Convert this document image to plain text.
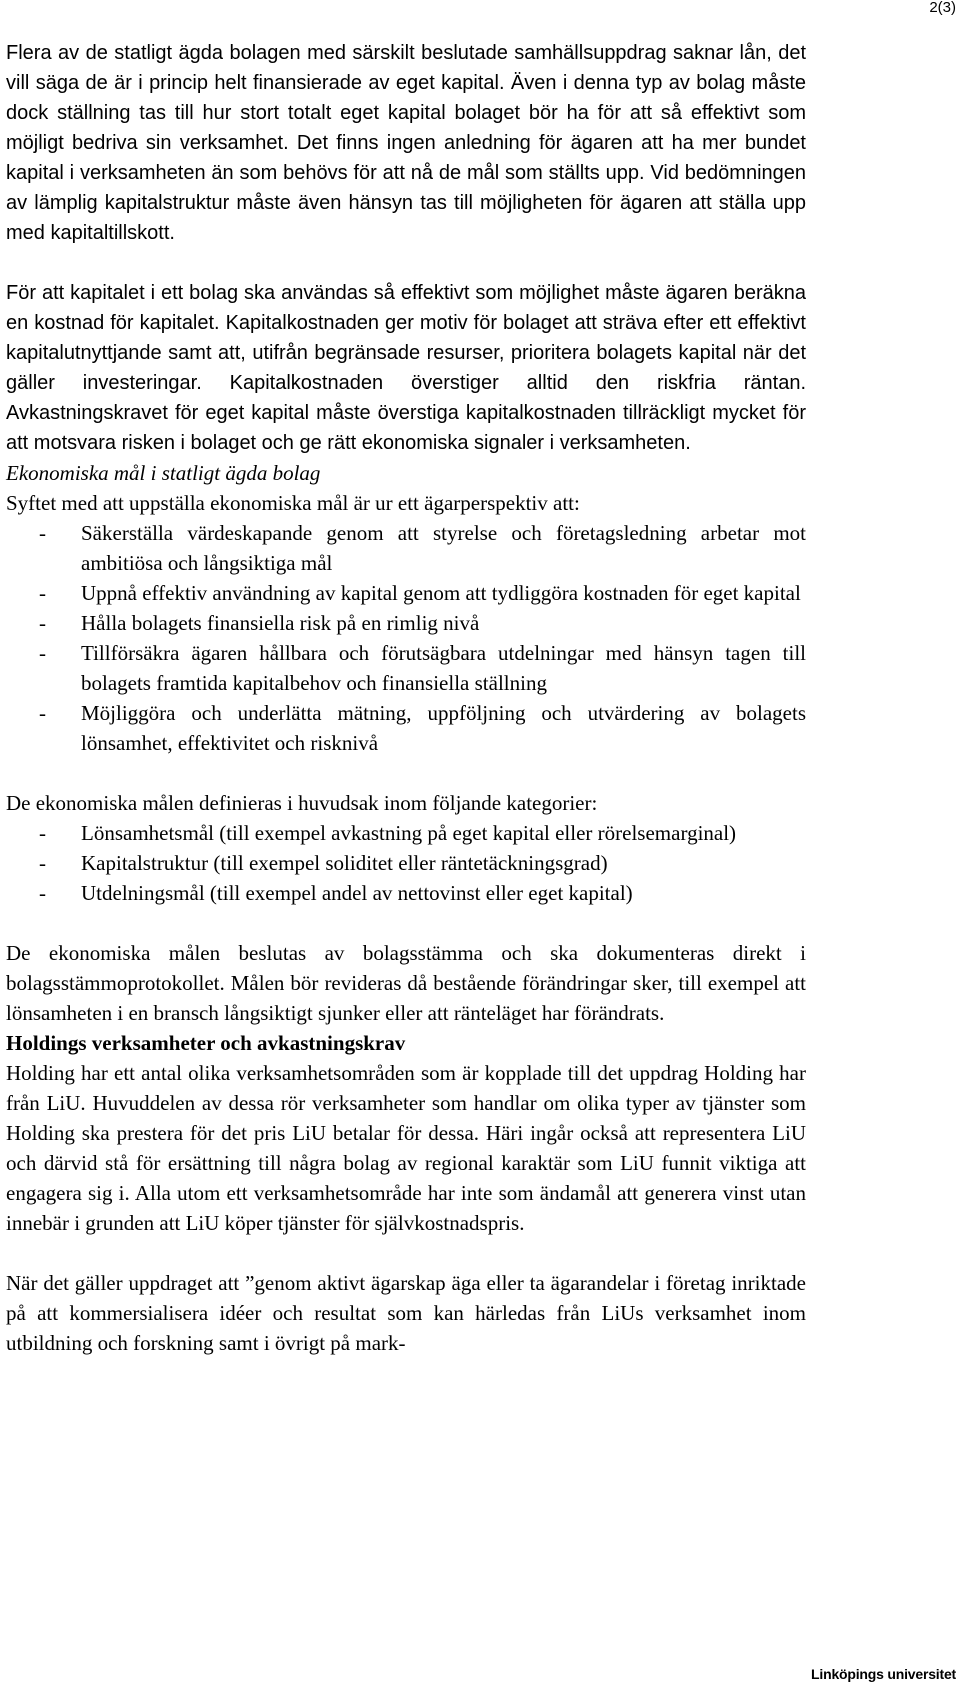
2(3)

Flera av de statligt ägda bolagen med särskilt beslutade samhällsuppdrag saknar lån, det vill säga de är i princip helt finansierade av eget kapital. Även i denna typ av bolag måste dock ställning tas till hur stort totalt eget kapital bolaget bör ha för att så effektivt som möjligt bedriva sin verksamhet. Det finns ingen anledning för ägaren att ha mer bundet kapital i verksamheten än som behövs för att nå de mål som ställts upp. Vid bedömningen av lämplig kapitalstruktur måste även hänsyn tas till möjligheten för ägaren att ställa upp med kapitaltillskott.

För att kapitalet i ett bolag ska användas så effektivt som möjlighet måste ägaren beräkna en kostnad för kapitalet. Kapitalkostnaden ger motiv för bolaget att sträva efter ett effektivt kapitalutnyttjande samt att, utifrån begränsade resurser, prioritera bolagets kapital när det gäller investeringar. Kapitalkostnaden överstiger alltid den riskfria räntan. Avkastningskravet för eget kapital måste överstiga kapitalkostnaden tillräckligt mycket för att motsvara risken i bolaget och ge rätt ekonomiska signaler i verksamheten.

Ekonomiska mål i statligt ägda bolag

Syftet med att uppställa ekonomiska mål är ur ett ägarperspektiv att:

- Säkerställa värdeskapande genom att styrelse och företagsledning arbetar mot ambitiösa och långsiktiga mål
- Uppnå effektiv användning av kapital genom att tydliggöra kostnaden för eget kapital
- Hålla bolagets finansiella risk på en rimlig nivå
- Tillförsäkra ägaren hållbara och förutsägbara utdelningar med hänsyn tagen till bolagets framtida kapitalbehov och finansiella ställning
- Möjliggöra och underlätta mätning, uppföljning och utvärdering av bolagets lönsamhet, effektivitet och risknivå

De ekonomiska målen definieras i huvudsak inom följande kategorier:

- Lönsamhetsmål (till exempel avkastning på eget kapital eller rörelsemarginal)
- Kapitalstruktur (till exempel soliditet eller räntetäckningsgrad)
- Utdelningsmål (till exempel andel av nettovinst eller eget kapital)

De ekonomiska målen beslutas av bolagsstämma och ska dokumenteras direkt i bolagsstämmoprotokollet. Målen bör revideras då bestående förändringar sker, till exempel att lönsamheten i en bransch långsiktigt sjunker eller att ränteläget har förändrats.

Holdings verksamheter och avkastningskrav

Holding har ett antal olika verksamhetsområden som är kopplade till det uppdrag Holding har från LiU. Huvuddelen av dessa rör verksamheter som handlar om olika typer av tjänster som Holding ska prestera för det pris LiU betalar för dessa. Häri ingår också att representera LiU och därvid stå för ersättning till några bolag av regional karaktär som LiU funnit viktiga att engagera sig i. Alla utom ett verksamhetsområde har inte som ändamål att generera vinst utan innebär i grunden att LiU köper tjänster för självkostnadspris.

När det gäller uppdraget att ”genom aktivt ägarskap äga eller ta ägarandelar i företag inriktade på att kommersialisera idéer och resultat som kan härledas från LiUs verksamhet inom utbildning och forskning samt i övrigt på mark-

Linköpings universitet
